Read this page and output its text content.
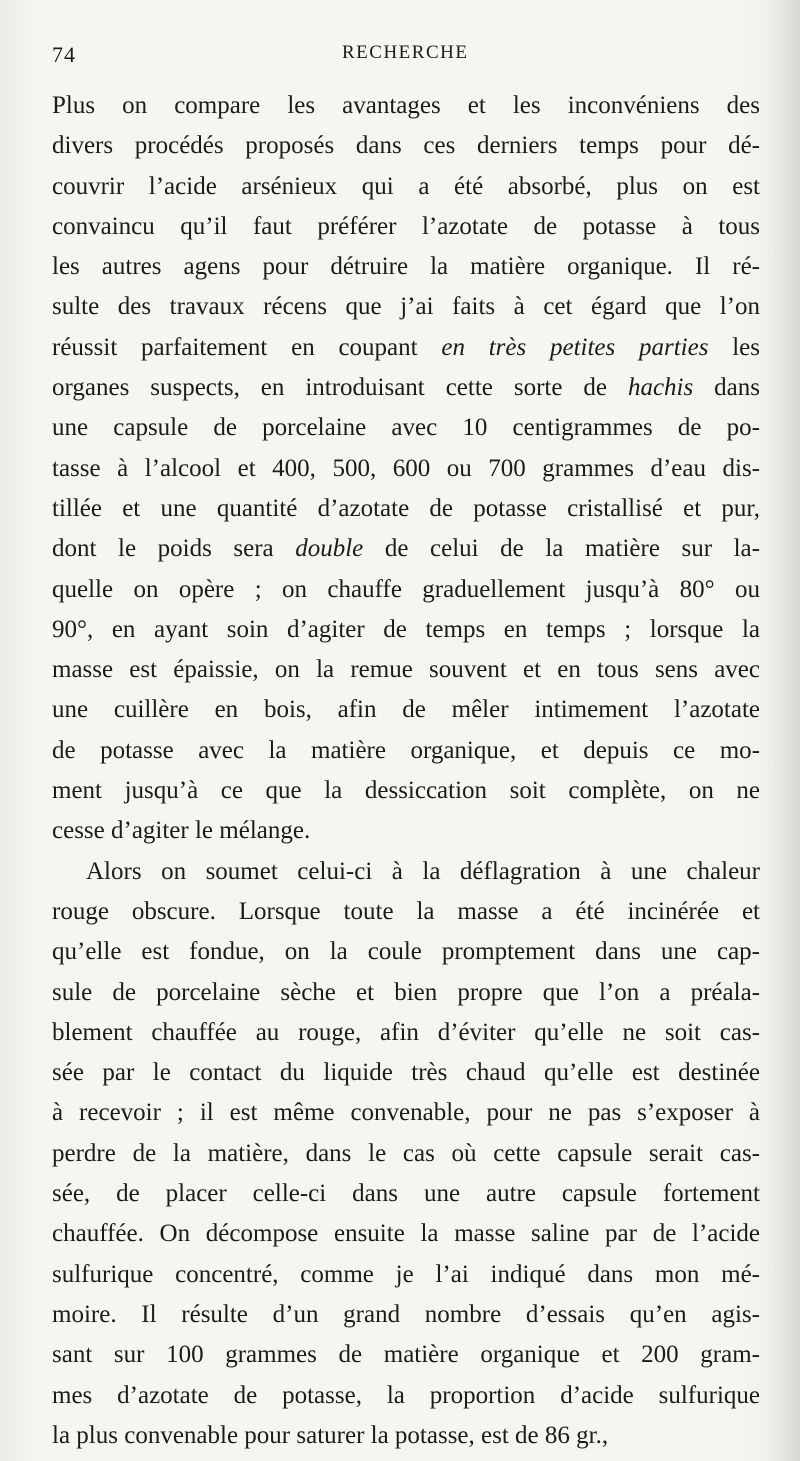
74	RECHERCHE
Plus on compare les avantages et les inconvéniens des
divers procédés proposés dans ces derniers temps pour dé-
couvrir l’acide arsénieux qui a été absorbé, plus on est
convaincu qu’il faut préférer l’azotate de potasse à tous
les autres agens pour détruire la matière organique. Il ré-
sulte des travaux récens que j’ai faits à cet égard que l’on
réussit parfaitement en coupant en très petites parties les
organes suspects, en introduisant cette sorte de hachis dans
une capsule de porcelaine avec 10 centigrammes de po-
tasse à l’alcool et 400, 500, 600 ou 700 grammes d’eau dis-
tillée et une quantité d’azotate de potasse cristallisé et pur,
dont le poids sera double de celui de la matière sur la-
quelle on opère ; on chauffe graduellement jusqu’à 80° ou
90°, en ayant soin d’agiter de temps en temps ; lorsque la
masse est épaissie, on la remue souvent et en tous sens avec
une cuillère en bois, afin de mêler intimement l’azotate
de potasse avec la matière organique, et depuis ce mo-
ment jusqu’à ce que la dessiccation soit complète, on ne
cesse d’agiter le mélange.
Alors on soumet celui-ci à la déflagration à une chaleur
rouge obscure. Lorsque toute la masse a été incinérée et
qu’elle est fondue, on la coule promptement dans une cap-
sule de porcelaine sèche et bien propre que l’on a préala-
blement chauffée au rouge, afin d’éviter qu’elle ne soit cas-
sée par le contact du liquide très chaud qu’elle est destinée
à recevoir ; il est même convenable, pour ne pas s’exposer à
perdre de la matière, dans le cas où cette capsule serait cas-
sée, de placer celle-ci dans une autre capsule fortement
chauffée. On décompose ensuite la masse saline par de l’acide
sulfurique concentré, comme je l’ai indiqué dans mon mé-
moire. Il résulte d’un grand nombre d’essais qu’en agis-
sant sur 100 grammes de matière organique et 200 gram-
mes d’azotate de potasse, la proportion d’acide sulfurique
la plus convenable pour saturer la potasse, est de 86 gr.,
